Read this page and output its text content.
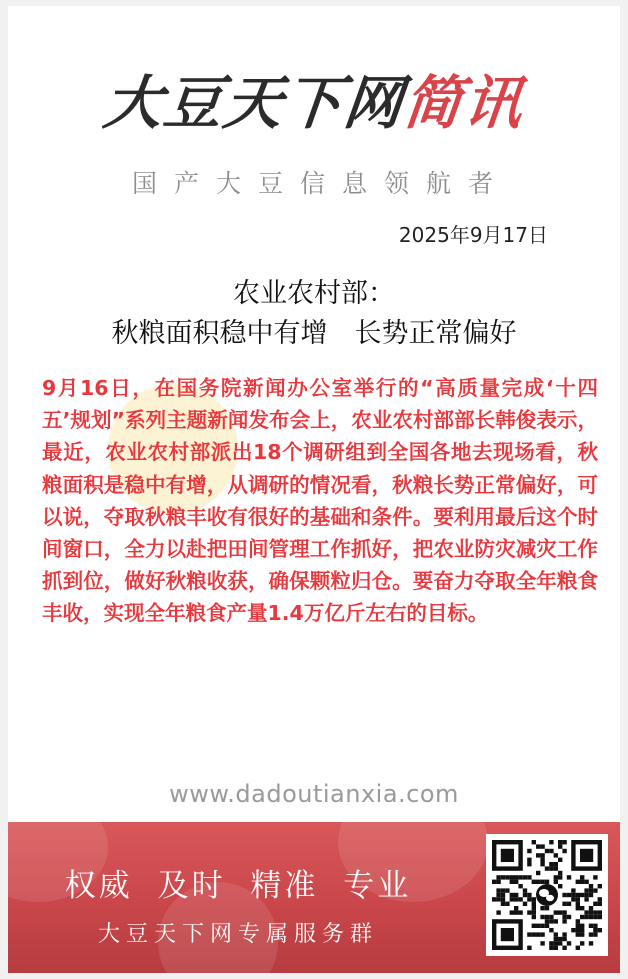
大豆天下网简讯
国产大豆信息领航者
2025年9月17日
农业农村部：
秋粮面积稳中有增　长势正常偏好
9月16日，在国务院新闻办公室举行的“高质量完成‘十四五’规划”系列主题新闻发布会上，农业农村部部长韩俊表示，最近，农业农村部派出18个调研组到全国各地去现场看，秋粮面积是稳中有增，从调研的情况看，秋粮长势正常偏好，可以说，夺取秋粮丰收有很好的基础和条件。要利用最后这个时间窗口，全力以赴把田间管理工作抓好，把农业防灾减灾工作抓到位，做好秋粮收获，确保颗粒归仓。要奋力夺取全年粮食丰收，实现全年粮食产量1.4万亿斤左右的目标。
www.dadoutianxia.com
权威 及时 精准 专业
大豆天下网专属服务群
